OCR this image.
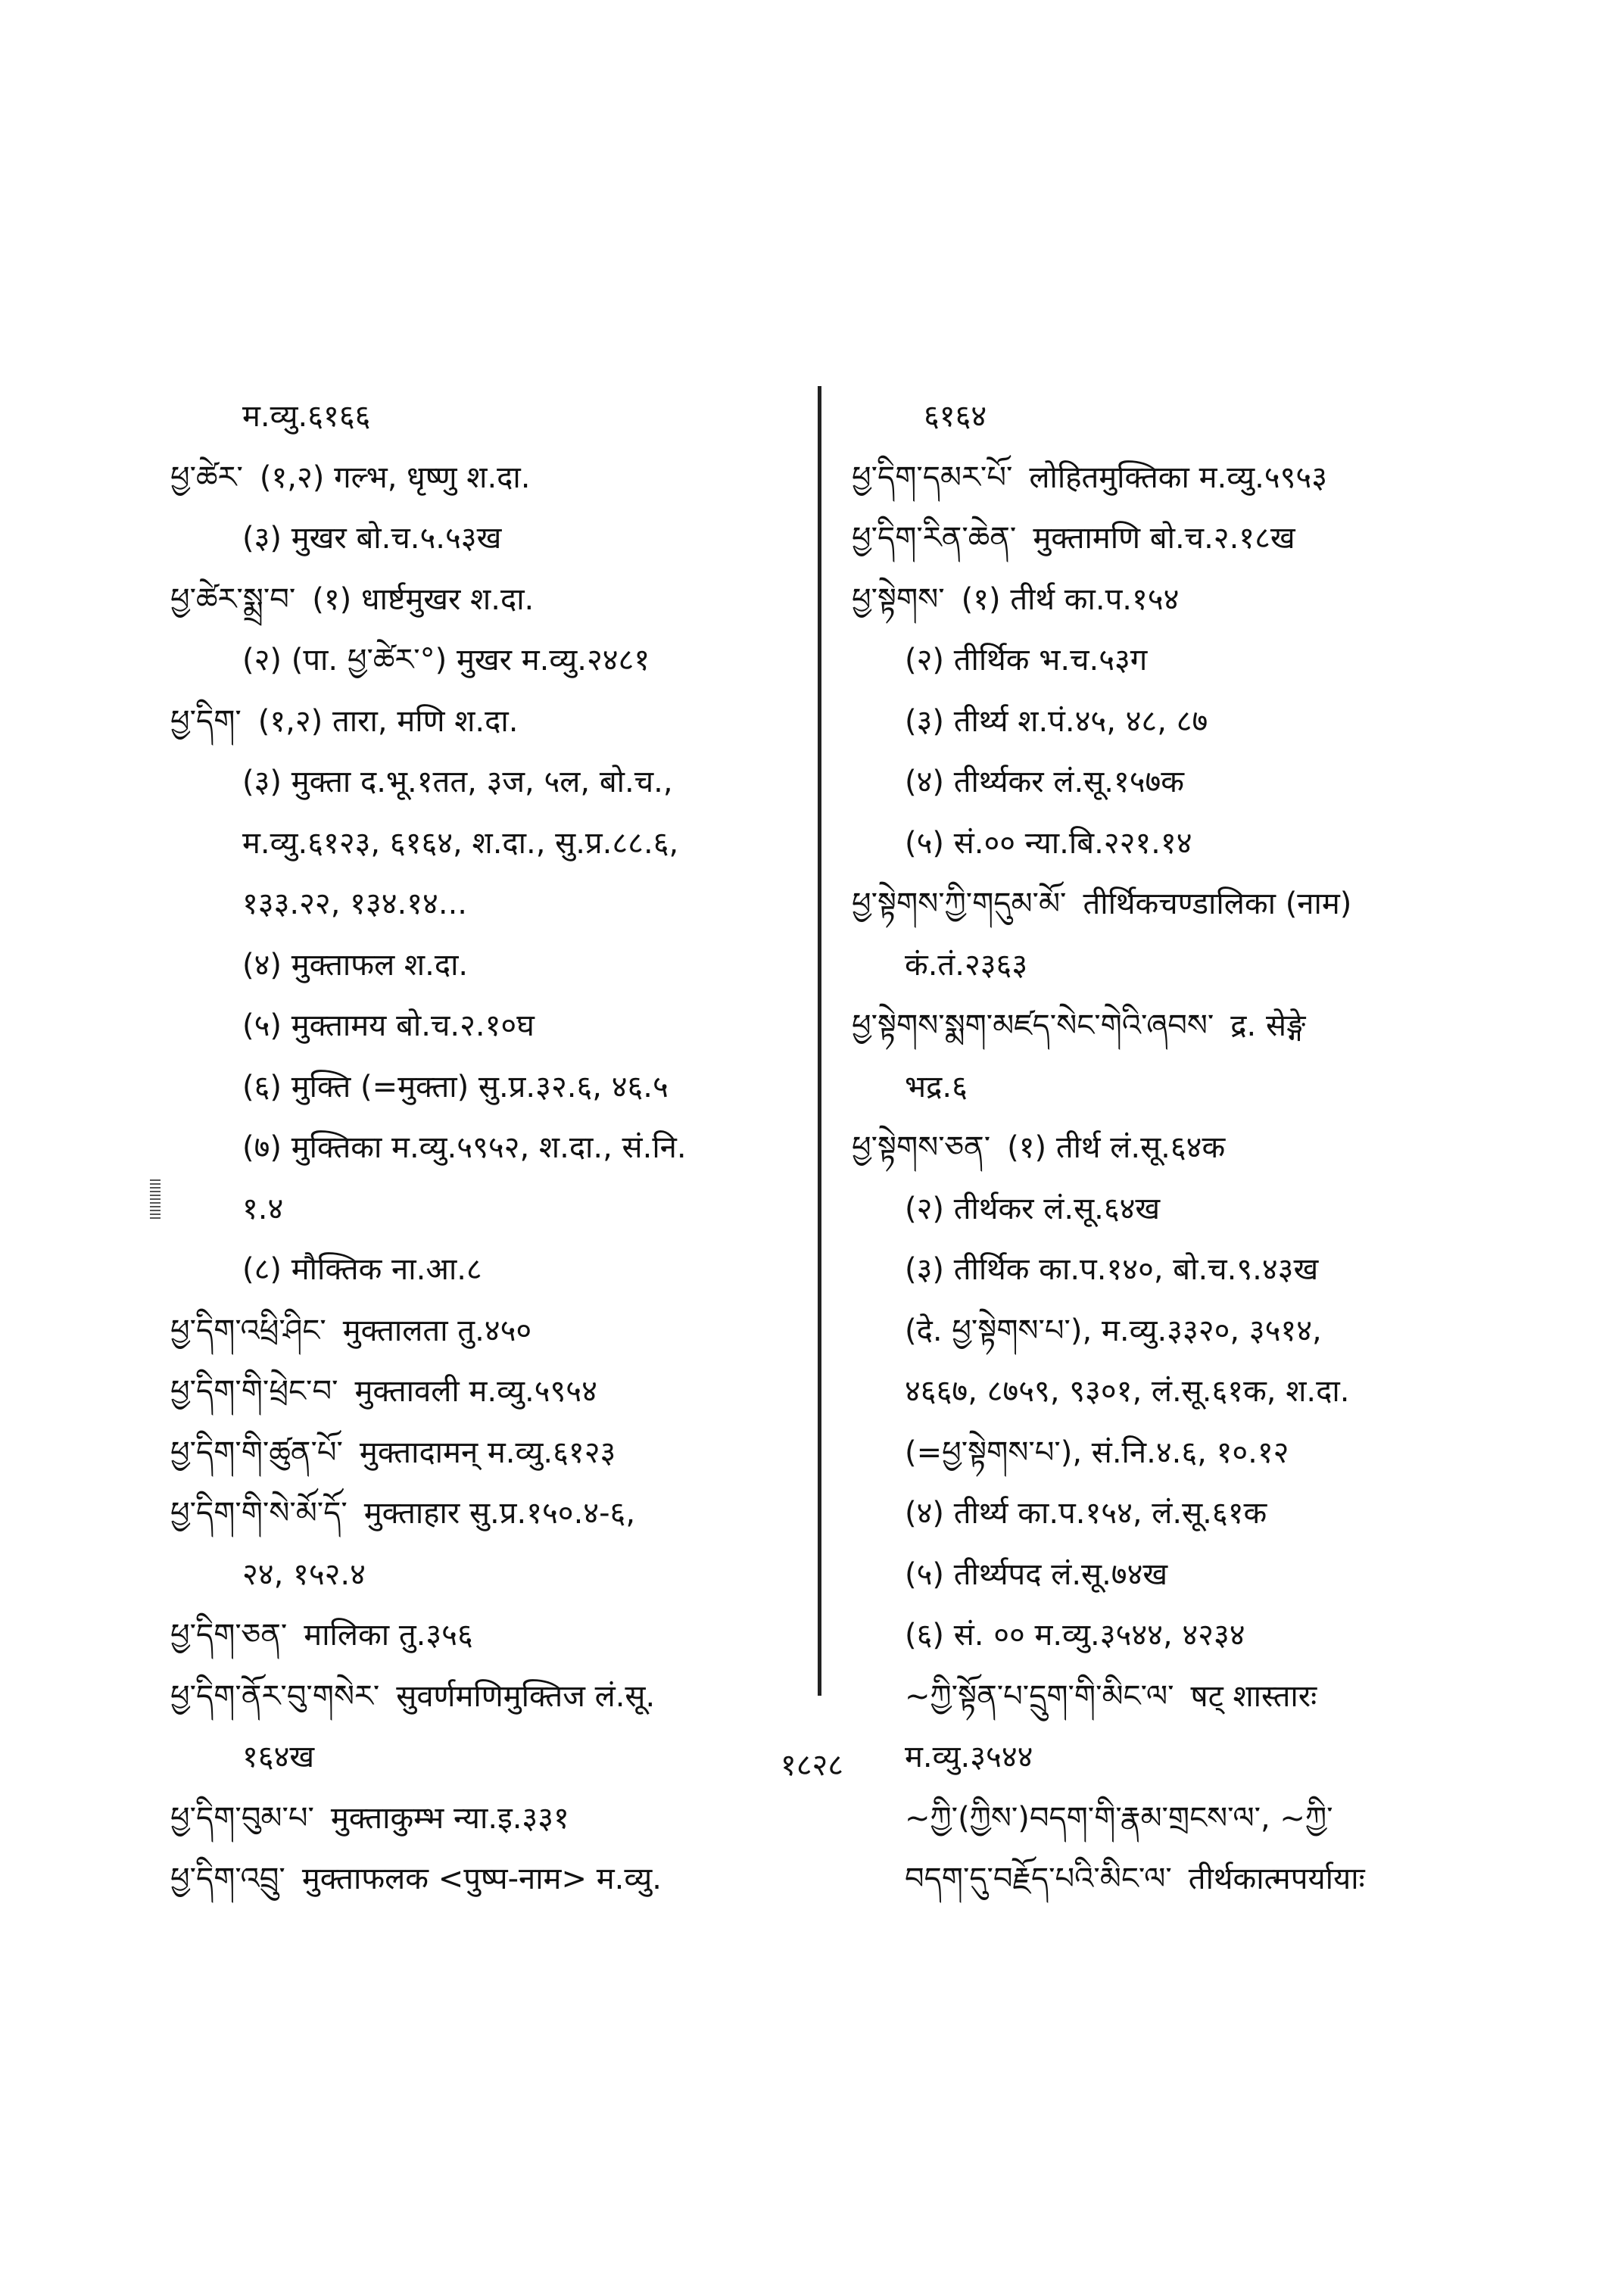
म.व्यु.६१६६
ཕྱ་ཚེར་ (१,२) गल्भ, धृष्णु श.दा.
(३) मुखर बो.च.५.५३ख
ཕྱ་ཚེར་སྨྲ་བ་ (१) धार्ष्टमुखर श.दा.
(२) (पा. ཕྱ་ཚེར་°) मुखर म.व्यु.२४८१
ཕྱ་དིག་ (१,२) तारा, मणि श.दा.
(३) मुक्ता द.भू.१तत, ३ज, ५ल, बो.च.,
म.व्यु.६१२३, ६१६४, श.दा., सु.प्र.८८.६,
१३३.२२, १३४.१४...
(४) मुक्ताफल श.दा.
(५) मुक्तामय बो.च.२.१०घ
(६) मुक्ति (=मुक्ता) सु.प्र.३२.६, ४६.५
(७) मुक्तिका म.व्यु.५९५२, श.दा., सं.नि.
१.४
(८) मौक्तिक ना.आ.८
ཕྱ་དིག་འཕྲི་ཤིང་ मुक्तालता तु.४५०
ཕྱ་དིག་གི་ཕྲེང་བ་ मुक्तावली म.व्यु.५९५४
ཕྱ་དིག་གི་ཚུན་པོ་ मुक्तादामन् म.व्यु.६१२३
ཕྱ་དིག་གི་སེ་མོ་དོ་ मुक्ताहार सु.प्र.१५०.४-६,
२४, १५२.४
ཕྱ་དིག་ཅན་ मालिका तु.३५६
ཕྱ་དིག་ནོར་བུ་གསེར་ सुवर्णमणिमुक्तिज लं.सू.
१६४ख
ཕྱ་དིག་བུམ་པ་ मुक्ताकुम्भ न्या.इ.३३१
ཕྱ་དིག་འབྲུ་ मुक्ताफलक <पुष्प-नाम> म.व्यु.
६१६४
ཕྱ་དིག་དམར་པོ་ लोहितमुक्तिका म.व्यु.५९५३
ཕྱ་དིག་རིན་ཆེན་ मुक्तामणि बो.च.२.१८ख
ཕྱ་སྟེགས་ (१) तीर्थ का.प.१५४
(२) तीर्थिक भ.च.५३ग
(३) तीर्थ्य श.पं.४५, ४८, ८७
(४) तीर्थ्यकर लं.सू.१५७क
(५) सं.०० न्या.बि.२२१.१४
ཕྱ་སྟེགས་ཀྱི་གདུམ་མོ་ तीर्थिकचण्डालिका (नाम)
कं.तं.२३६३
ཕྱ་སྟེགས་སྨག་མཛད་སེང་གེའི་ཞབས་ द्र. सेङ्गे
भद्र.६
ཕྱ་སྟེགས་ཅན་ (१) तीर्थ लं.सू.६४क
(२) तीर्थकर लं.सू.६४ख
(३) तीर्थिक का.प.१४०, बो.च.९.४३ख
(दे. ཕྱ་སྟེགས་པ་), म.व्यु.३३२०, ३५१४,
४६६७, ८७५९, ९३०१, लं.सू.६१क, श.दा.
(=ཕྱ་སྟེགས་པ་), सं.नि.४.६, १०.१२
(४) तीर्थ्य का.प.१५४, लं.सू.६१क
(५) तीर्थ्यपद लं.सू.७४ख
(६) सं. ०० म.व्यु.३५४४, ४२३४
~ཀྱི་སྟོན་པ་དྲུག་གི་མིང་ལ་ षट् शास्तारः
म.व्यु.३५४४
~ཀྱི་(ཀྱིས་)བདག་གི་རྣམ་གྲངས་ལ་, ~ཀྱི་
བདག་དུ་བརྗོད་པའི་མིང་ལ་ तीर्थकात्मपर्यायाः
१८२८
